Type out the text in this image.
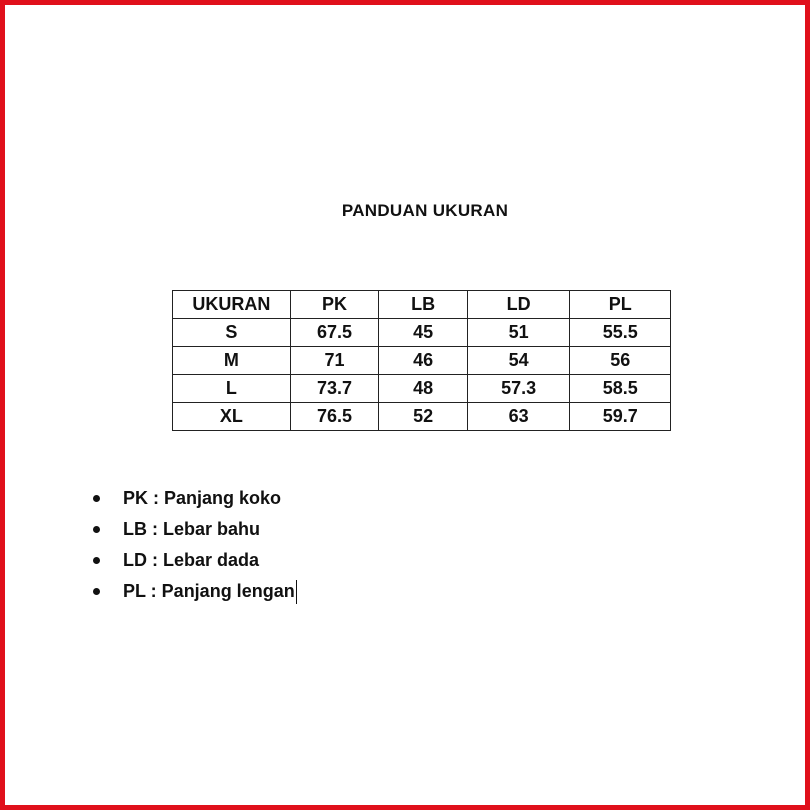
PANDUAN UKURAN
UKURAN	PK	LB	LD	PL
S	67.5	45	51	55.5
M	71	46	54	56
L	73.7	48	57.3	58.5
XL	76.5	52	63	59.7
PK : Panjang koko
LB : Lebar bahu
LD : Lebar dada
PL : Panjang lengan
